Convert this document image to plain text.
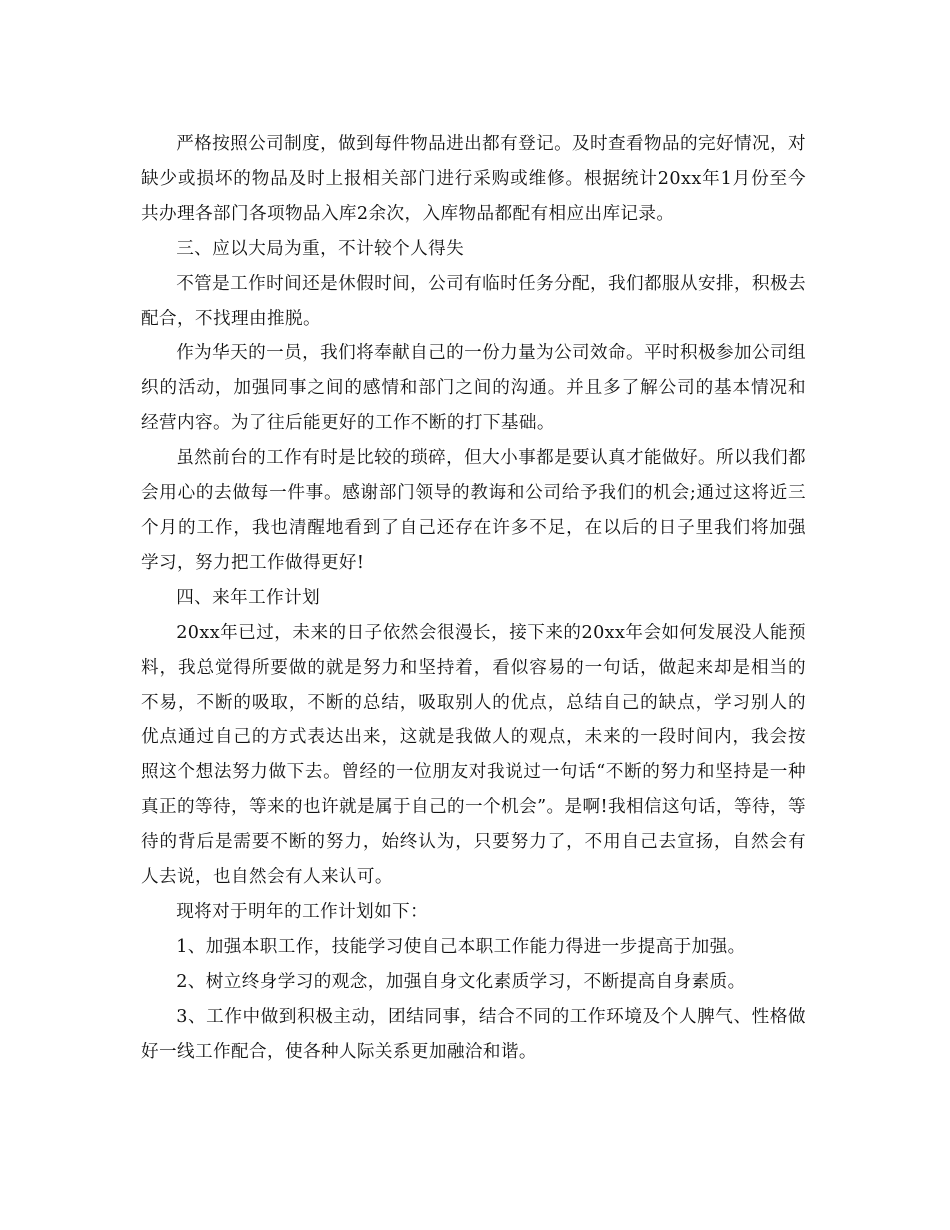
严格按照公司制度，做到每件物品进出都有登记。及时查看物品的完好情况，对缺少或损坏的物品及时上报相关部门进行采购或维修。根据统计20xx年1月份至今共办理各部门各项物品入库2余次，入库物品都配有相应出库记录。

三、应以大局为重，不计较个人得失

不管是工作时间还是休假时间，公司有临时任务分配，我们都服从安排，积极去配合，不找理由推脱。

作为华天的一员，我们将奉献自己的一份力量为公司效命。平时积极参加公司组织的活动，加强同事之间的感情和部门之间的沟通。并且多了解公司的基本情况和经营内容。为了往后能更好的工作不断的打下基础。

虽然前台的工作有时是比较的琐碎，但大小事都是要认真才能做好。所以我们都会用心的去做每一件事。感谢部门领导的教诲和公司给予我们的机会;通过这将近三个月的工作，我也清醒地看到了自己还存在许多不足，在以后的日子里我们将加强学习，努力把工作做得更好!

四、来年工作计划

20xx年已过，未来的日子依然会很漫长，接下来的20xx年会如何发展没人能预料，我总觉得所要做的就是努力和坚持着，看似容易的一句话，做起来却是相当的不易，不断的吸取，不断的总结，吸取别人的优点，总结自己的缺点，学习别人的优点通过自己的方式表达出来，这就是我做人的观点，未来的一段时间内，我会按照这个想法努力做下去。曾经的一位朋友对我说过一句话“不断的努力和坚持是一种真正的等待，等来的也许就是属于自己的一个机会”。是啊!我相信这句话，等待，等待的背后是需要不断的努力，始终认为，只要努力了，不用自己去宣扬，自然会有人去说，也自然会有人来认可。

现将对于明年的工作计划如下：

1、加强本职工作，技能学习使自己本职工作能力得进一步提高于加强。

2、树立终身学习的观念，加强自身文化素质学习，不断提高自身素质。

3、工作中做到积极主动，团结同事，结合不同的工作环境及个人脾气、性格做好一线工作配合，使各种人际关系更加融洽和谐。
